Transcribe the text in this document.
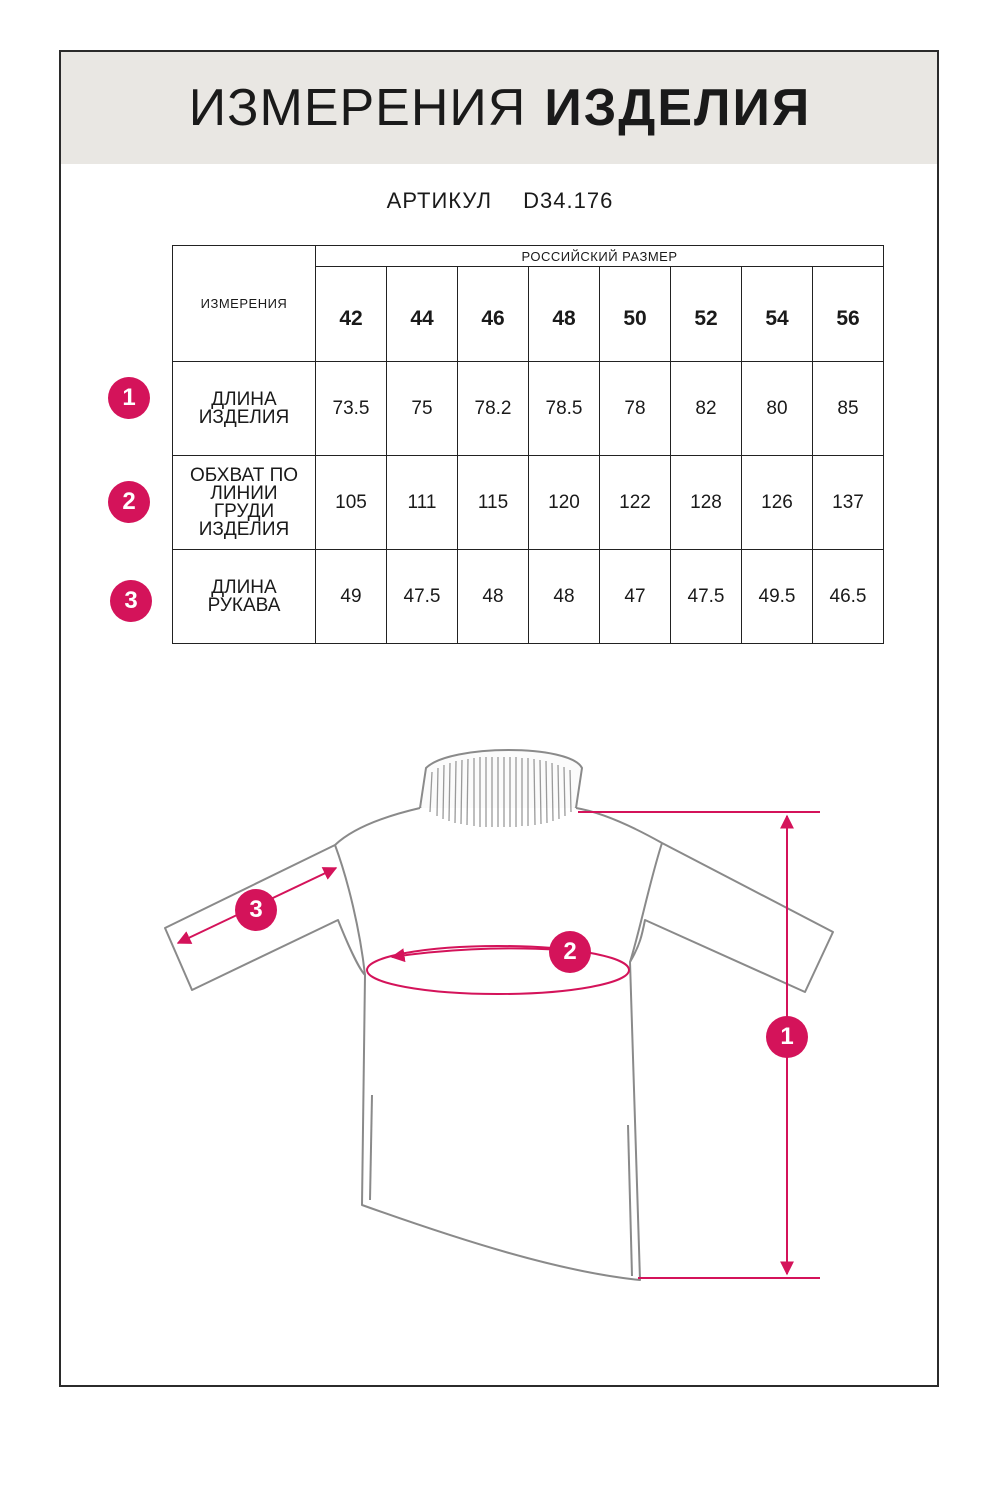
ИЗМЕРЕНИЯ ИЗДЕЛИЯ
АРТИКУЛ D34.176
ИЗМЕРЕНИЯ	РОССИЙСКИЙ РАЗМЕР							
	42	44	46	48	50	52	54	56
ДЛИНА ИЗДЕЛИЯ	73.5	75	78.2	78.5	78	82	80	85
ОБХВАТ ПО ЛИНИИ ГРУДИ ИЗДЕЛИЯ	105	111	115	120	122	128	126	137
ДЛИНА РУКАВА	49	47.5	48	48	47	47.5	49.5	46.5
1
2
3
1
2
3
